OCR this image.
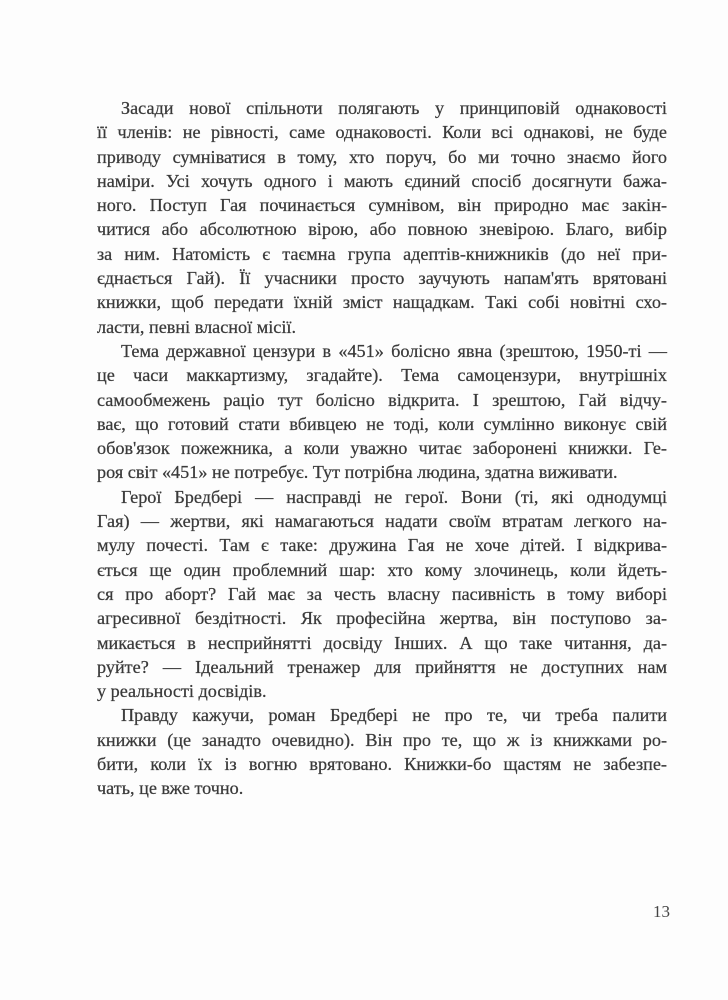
Засади нової спільноти полягають у принциповій однаковості
її членів: не рівності, саме однаковості. Коли всі однакові, не буде
приводу сумніватися в тому, хто поруч, бо ми точно знаємо його
наміри. Усі хочуть одного і мають єдиний спосіб досягнути бажа-
ного. Поступ Гая починається сумнівом, він природно має закін-
читися або абсолютною вірою, або повною зневірою. Благо, вибір
за ним. Натомість є таємна група адептів-книжників (до неї при-
єднається Гай). Її учасники просто заучують напам'ять врятовані
книжки, щоб передати їхній зміст нащадкам. Такі собі новітні схо-
ласти, певні власної місії.
Тема державної цензури в «451» болісно явна (зрештою, 1950-ті —
це часи маккартизму, згадайте). Тема самоцензури, внутрішніх
самообмежень раціо тут болісно відкрита. І зрештою, Гай відчу-
ває, що готовий стати вбивцею не тоді, коли сумлінно виконує свій
обов'язок пожежника, а коли уважно читає заборонені книжки. Ге-
роя світ «451» не потребує. Тут потрібна людина, здатна виживати.
Герої Бредбері — насправді не герої. Вони (ті, які однодумці
Гая) — жертви, які намагаються надати своїм втратам легкого на-
мулу почесті. Там є таке: дружина Гая не хоче дітей. І відкрива-
ється ще один проблемний шар: хто кому злочинець, коли йдеть-
ся про аборт? Гай має за честь власну пасивність в тому виборі
агресивної бездітності. Як професійна жертва, він поступово за-
микається в несприйнятті досвіду Інших. А що таке читання, да-
руйте? — Ідеальний тренажер для прийняття не доступних нам
у реальності досвідів.
Правду кажучи, роман Бредбері не про те, чи треба палити
книжки (це занадто очевидно). Він про те, що ж із книжками ро-
бити, коли їх із вогню врятовано. Книжки-бо щастям не забезпе-
чать, це вже точно.
13
